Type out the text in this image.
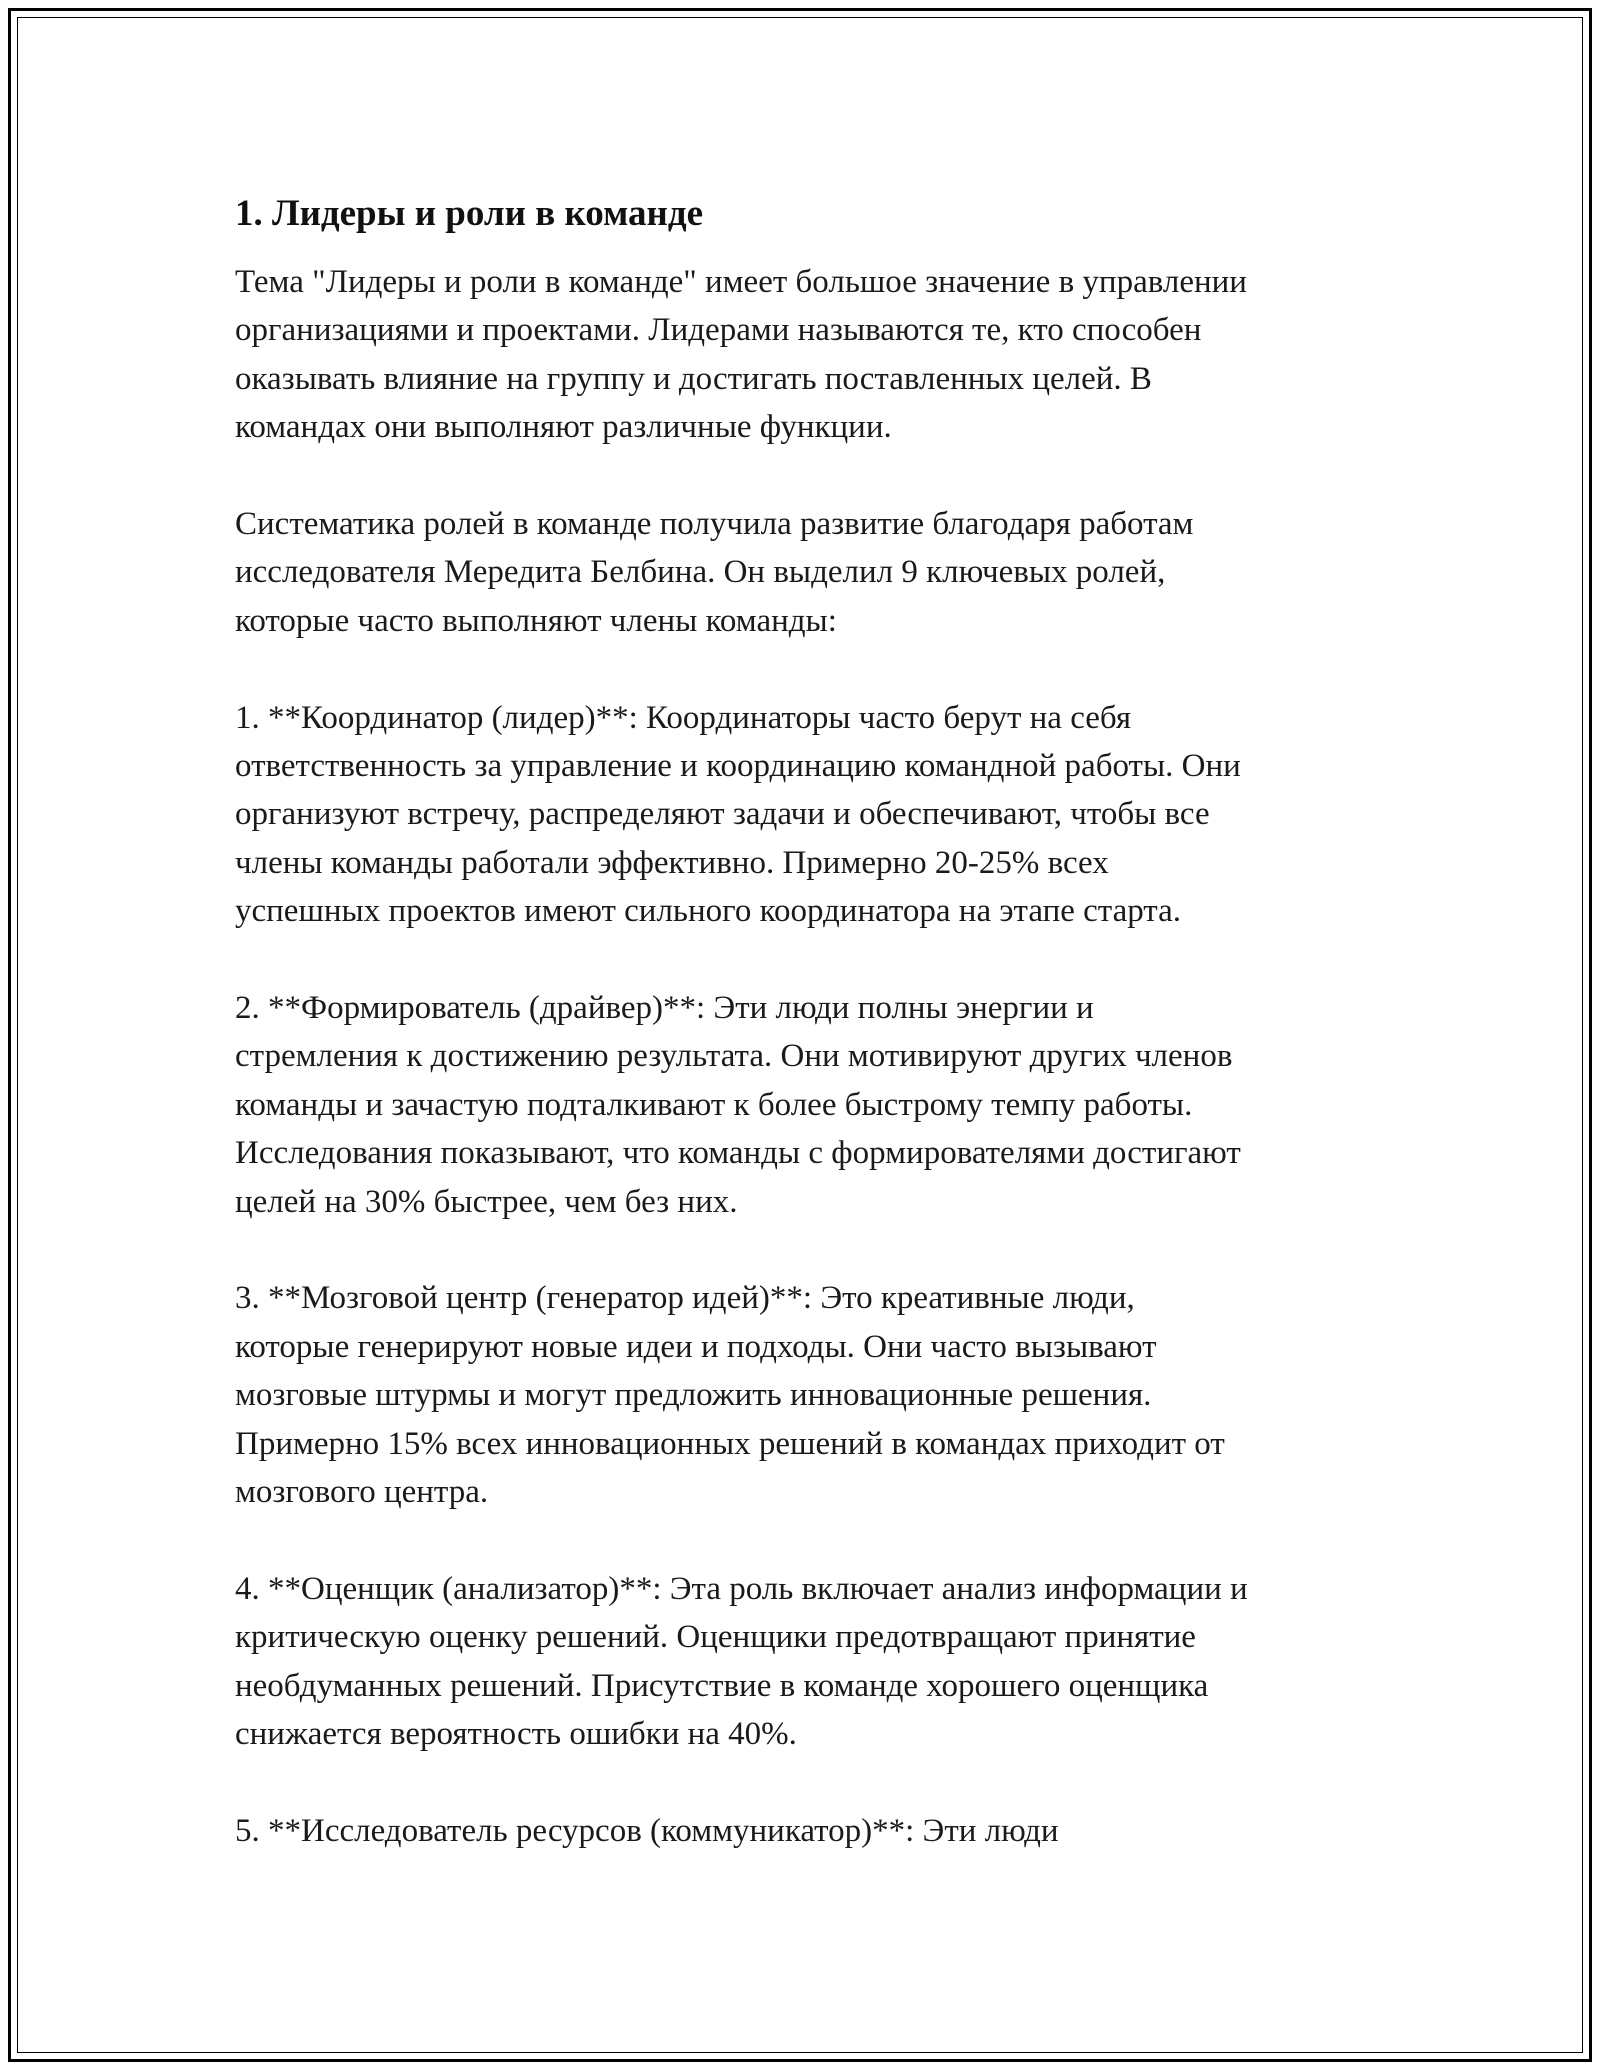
1. Лидеры и роли в команде

Тема "Лидеры и роли в команде" имеет большое значение в управлении
организациями и проектами. Лидерами называются те, кто способен
оказывать влияние на группу и достигать поставленных целей. В
командах они выполняют различные функции.

Систематика ролей в команде получила развитие благодаря работам
исследователя Мередита Белбина. Он выделил 9 ключевых ролей,
которые часто выполняют члены команды:

1. **Координатор (лидер)**: Координаторы часто берут на себя
ответственность за управление и координацию командной работы. Они
организуют встречу, распределяют задачи и обеспечивают, чтобы все
члены команды работали эффективно. Примерно 20-25% всех
успешных проектов имеют сильного координатора на этапе старта.

2. **Формирователь (драйвер)**: Эти люди полны энергии и
стремления к достижению результата. Они мотивируют других членов
команды и зачастую подталкивают к более быстрому темпу работы.
Исследования показывают, что команды с формирователями достигают
целей на 30% быстрее, чем без них.

3. **Мозговой центр (генератор идей)**: Это креативные люди,
которые генерируют новые идеи и подходы. Они часто вызывают
мозговые штурмы и могут предложить инновационные решения.
Примерно 15% всех инновационных решений в командах приходит от
мозгового центра.

4. **Оценщик (анализатор)**: Эта роль включает анализ информации и
критическую оценку решений. Оценщики предотвращают принятие
необдуманных решений. Присутствие в команде хорошего оценщика
снижается вероятность ошибки на 40%.

5. **Исследователь ресурсов (коммуникатор)**: Эти люди
